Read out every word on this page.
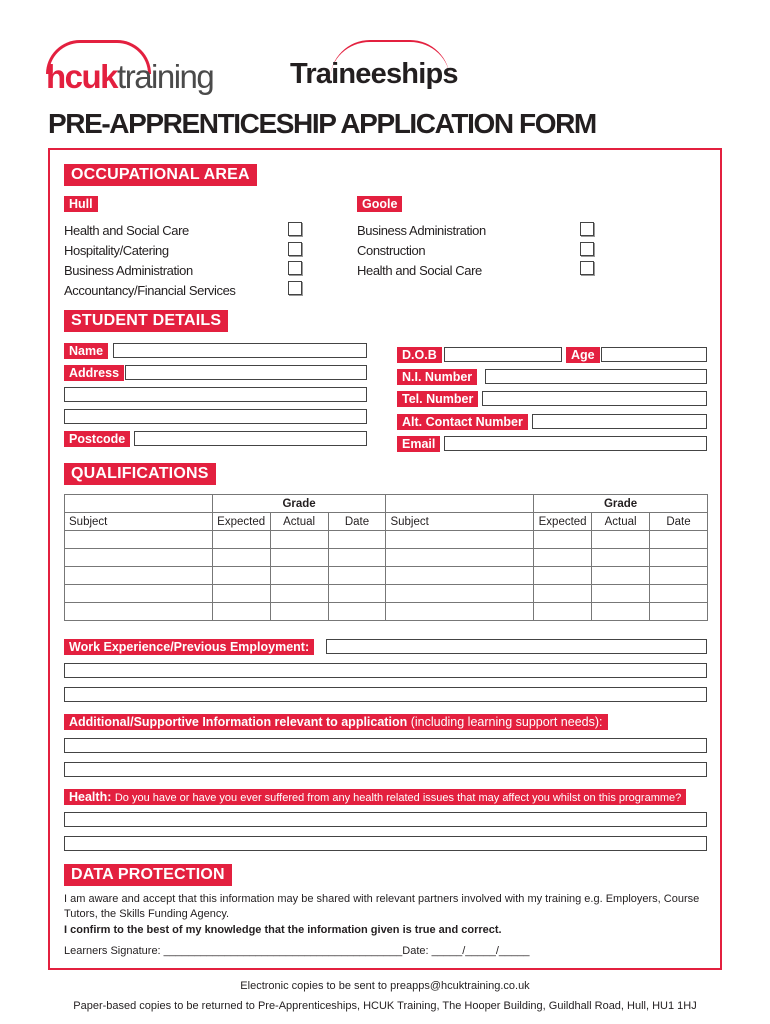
hcuktraining	Traineeships
PRE-APPRENTICESHIP APPLICATION FORM
OCCUPATIONAL AREA
Hull	Goole
Health and Social Care
Hospitality/Catering
Business Administration
Accountancy/Financial Services
Business Administration
Construction
Health and Social Care
STUDENT DETAILS
Name
Address
Postcode
D.O.B	Age
N.I. Number
Tel. Number
Alt. Contact Number
Email
QUALIFICATIONS
		Grade				Grade	
Subject	Expected	Actual	Date	Subject	Expected	Actual	Date

Work Experience/Previous Employment:
Additional/Supportive Information relevant to application (including learning support needs):
Health: Do you have or have you ever suffered from any health related issues that may affect you whilst on this programme?
DATA PROTECTION
I am aware and accept that this information may be shared with relevant partners involved with my training e.g. Employers, Course Tutors, the Skills Funding Agency.
I confirm to the best of my knowledge that the information given is true and correct.
Learners Signature: _______________________________________Date: _____/_____/_____
Electronic copies to be sent to preapps@hcuktraining.co.uk
Paper-based copies to be returned to Pre-Apprenticeships, HCUK Training, The Hooper Building, Guildhall Road, Hull, HU1 1HJ
